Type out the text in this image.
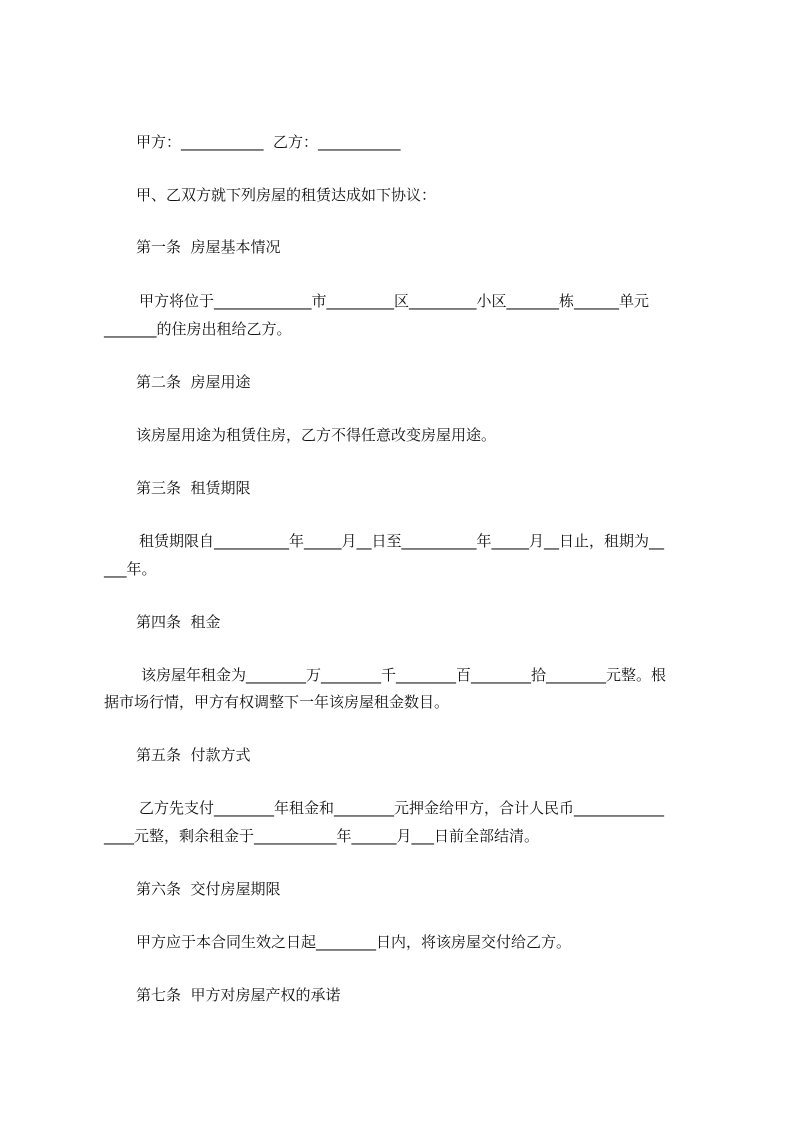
甲方：___________  乙方：___________
甲、乙双方就下列房屋的租赁达成如下协议：
第一条  房屋基本情况
甲方将位于_____________市_________区_________小区_______栋______单元
_______的住房出租给乙方。
第二条  房屋用途
该房屋用途为租赁住房，乙方不得任意改变房屋用途。
第三条  租赁期限
租赁期限自__________年_____月__日至__________年_____月__日止，租期为__
___年。
第四条  租金
该房屋年租金为________万________千________百________拾________元整。根
据市场行情，甲方有权调整下一年该房屋租金数目。
第五条  付款方式
乙方先支付________年租金和________元押金给甲方，合计人民币____________
____元整，剩余租金于___________年______月___日前全部结清。
第六条  交付房屋期限
甲方应于本合同生效之日起________日内，将该房屋交付给乙方。
第七条  甲方对房屋产权的承诺
